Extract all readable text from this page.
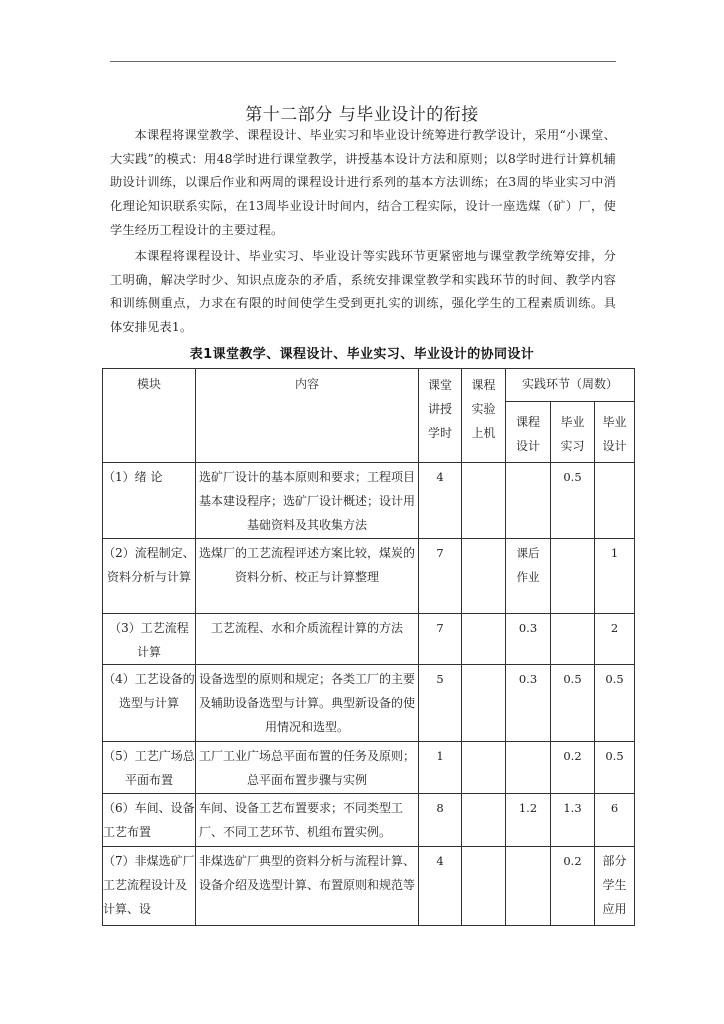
第十二部分 与毕业设计的衔接
本课程将课堂教学、课程设计、毕业实习和毕业设计统筹进行教学设计，采用“小课堂、大实践”的模式：用48学时进行课堂教学，讲授基本设计方法和原则；以8学时进行计算机辅助设计训练，以课后作业和两周的课程设计进行系列的基本方法训练；在3周的毕业实习中消化理论知识联系实际，在13周毕业设计时间内，结合工程实际，设计一座选煤（矿）厂，使学生经历工程设计的主要过程。
本课程将课程设计、毕业实习、毕业设计等实践环节更紧密地与课堂教学统筹安排，分工明确，解决学时少、知识点庞杂的矛盾，系统安排课堂教学和实践环节的时间、教学内容和训练侧重点，力求在有限的时间使学生受到更扎实的训练，强化学生的工程素质训练。具体安排见表1。
表1课堂教学、课程设计、毕业实习、毕业设计的协同设计
模块	内容	课堂讲授学时	课程实验上机	实践环节（周数）		
				课程设计	毕业实习	毕业设计
（1）绪 论	选矿厂设计的基本原则和要求；工程项目基本建设程序；选矿厂设计概述；设计用基础资料及其收集方法	4			0.5	
（2）流程制定、资料分析与计算	选煤厂的工艺流程评述方案比较，煤炭的资料分析、校正与计算整理	7		课后作业		1
（3）工艺流程计算	工艺流程、水和介质流程计算的方法	7		0.3		2
（4）工艺设备的选型与计算	设备选型的原则和规定；各类工厂的主要及辅助设备选型与计算。典型新设备的使用情况和选型。	5		0.3	0.5	0.5
（5）工艺广场总平面布置	工厂工业广场总平面布置的任务及原则；总平面布置步骤与实例	1			0.2	0.5
（6）车间、设备工艺布置	车间、设备工艺布置要求；不同类型工厂、不同工艺环节、机组布置实例。	8		1.2	1.3	6
（7）非煤选矿厂工艺流程设计及计算、设	非煤选矿厂典型的资料分析与流程计算、设备介绍及选型计算、布置原则和规范等	4			0.2	部分学生应用
